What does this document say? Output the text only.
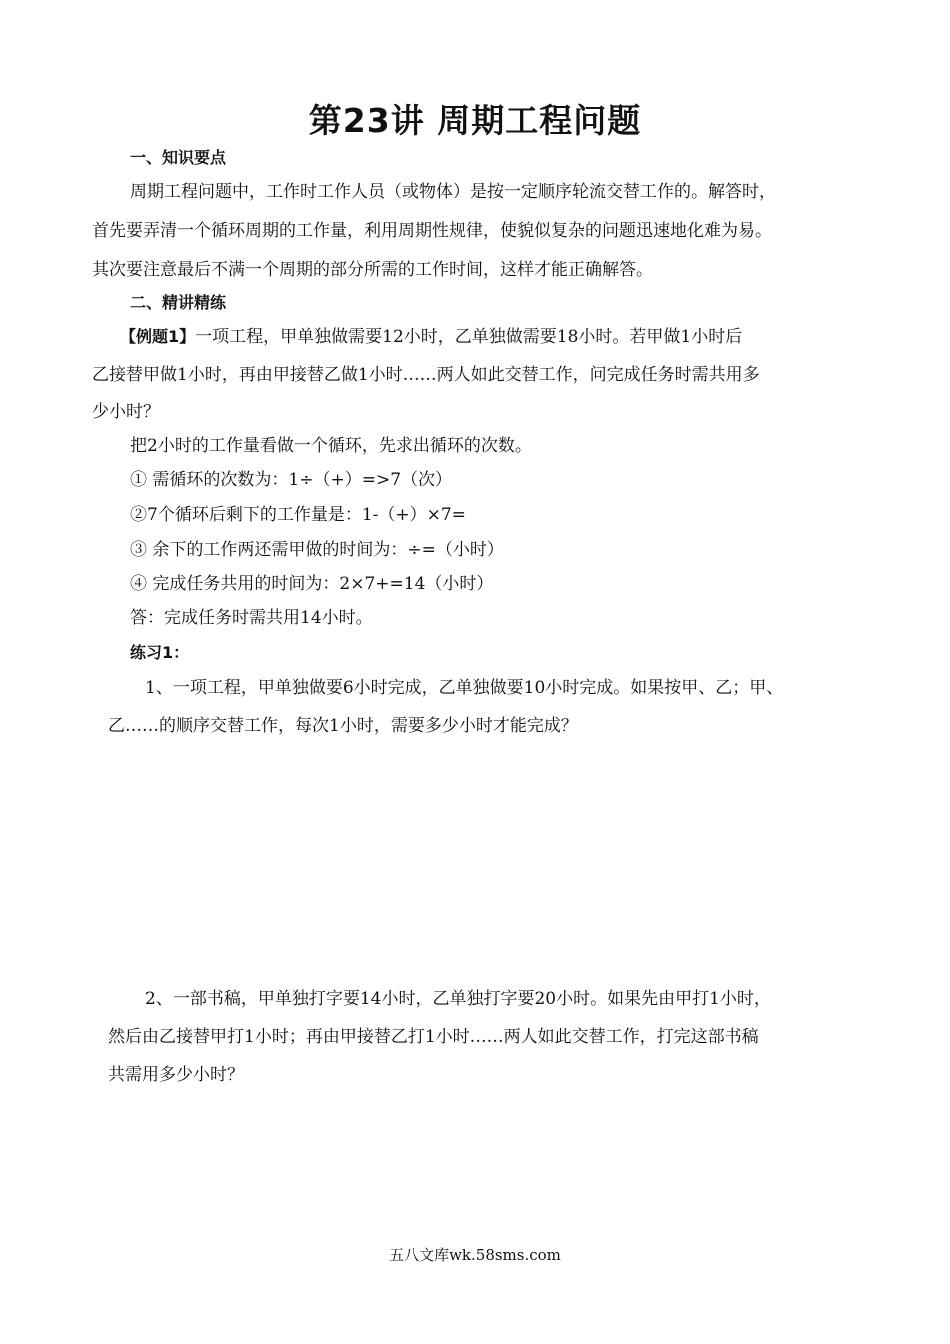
第23讲 周期工程问题
一、知识要点
周期工程问题中，工作时工作人员（或物体）是按一定顺序轮流交替工作的。解答时，
首先要弄清一个循环周期的工作量，利用周期性规律，使貌似复杂的问题迅速地化难为易。
其次要注意最后不满一个周期的部分所需的工作时间，这样才能正确解答。
二、精讲精练
【例题1】一项工程，甲单独做需要12小时，乙单独做需要18小时。若甲做1小时后
乙接替甲做1小时，再由甲接替乙做1小时……两人如此交替工作，问完成任务时需共用多
少小时？
把2小时的工作量看做一个循环，先求出循环的次数。
① 需循环的次数为：1÷（+）=>7（次）
②7个循环后剩下的工作量是：1-（+）×7=
③ 余下的工作两还需甲做的时间为：÷=（小时）
④ 完成任务共用的时间为：2×7+=14（小时）
答：完成任务时需共用14小时。
练习1：
1、一项工程，甲单独做要6小时完成，乙单独做要10小时完成。如果按甲、乙；甲、
乙……的顺序交替工作，每次1小时，需要多少小时才能完成？
2、一部书稿，甲单独打字要14小时，乙单独打字要20小时。如果先由甲打1小时，
然后由乙接替甲打1小时；再由甲接替乙打1小时……两人如此交替工作，打完这部书稿
共需用多少小时？
五八文库wk.58sms.com
